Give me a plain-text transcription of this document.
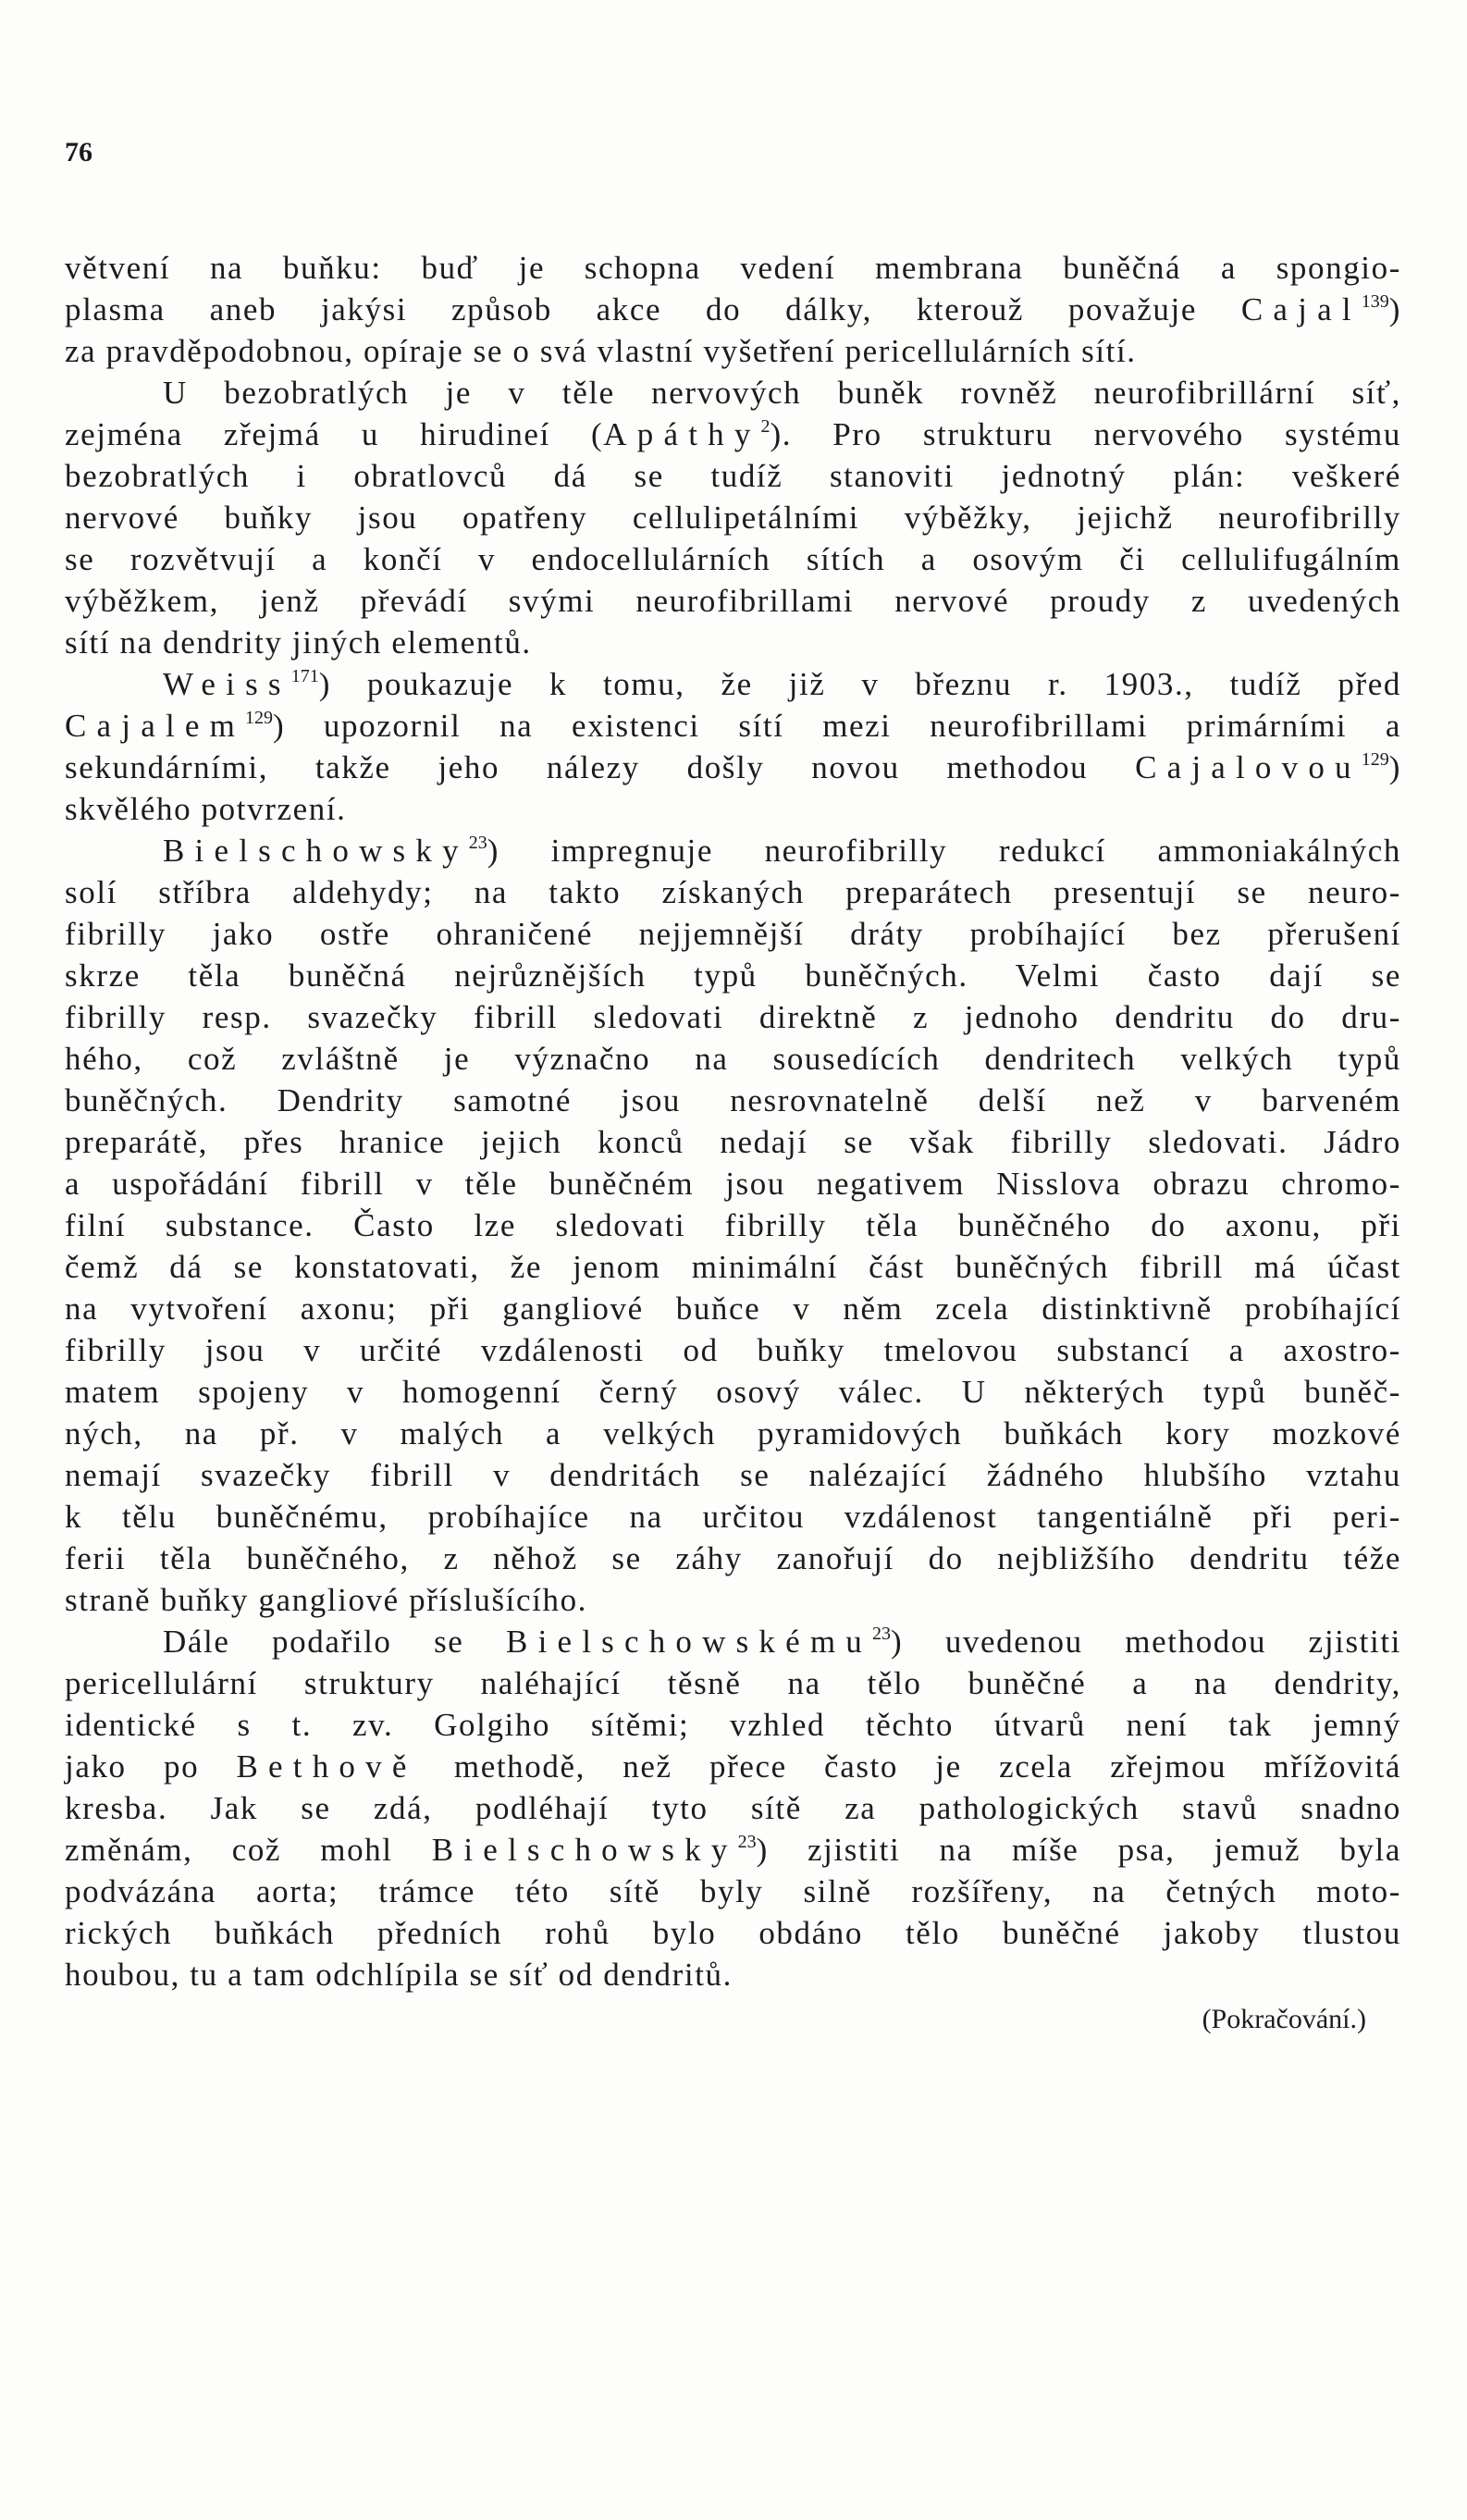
76
větvení na buňku: buď je schopna vedení membrana buněčná a spongio-
plasma aneb jakýsi způsob akce do dálky, kterouž považuje Cajal$^{139}$)
za pravděpodobnou, opíraje se o svá vlastní vyšetření pericellulárních sítí.
U bezobratlých je v těle nervových buněk rovněž neurofibrillární síť,
zejména zřejmá u hirudineí (Apáthy$^2$). Pro strukturu nervového systému
bezobratlých i obratlovců dá se tudíž stanoviti jednotný plán: veškeré
nervové buňky jsou opatřeny cellulipetálními výběžky, jejichž neurofibrilly
se rozvětvují a končí v endocellulárních sítích a osovým či cellulifugálním
výběžkem, jenž převádí svými neurofibrillami nervové proudy z uvedených
sítí na dendrity jiných elementů.
Weiss$^{171}$) poukazuje k tomu, že již v březnu r. 1903., tudíž před
Cajalem$^{129}$) upozornil na existenci sítí mezi neurofibrillami primárními a
sekundárními, takže jeho nálezy došly novou methodou Cajalovou$^{129}$)
skvělého potvrzení.
Bielschowsky$^{23}$) impregnuje neurofibrilly redukcí ammoniakálných
solí stříbra aldehydy; na takto získaných preparátech presentují se neuro-
fibrilly jako ostře ohraničené nejjemnější dráty probíhající bez přerušení
skrze těla buněčná nejrůznějších typů buněčných. Velmi často dají se
fibrilly resp. svazečky fibrill sledovati direktně z jednoho dendritu do dru-
hého, což zvláštně je význačno na sousedících dendritech velkých typů
buněčných. Dendrity samotné jsou nesrovnatelně delší než v barveném
preparátě, přes hranice jejich konců nedají se však fibrilly sledovati. Jádro
a uspořádání fibrill v těle buněčném jsou negativem Nisslova obrazu chromo-
filní substance. Často lze sledovati fibrilly těla buněčného do axonu, při
čemž dá se konstatovati, že jenom minimální část buněčných fibrill má účast
na vytvoření axonu; při gangliové buňce v něm zcela distinktivně probíhající
fibrilly jsou v určité vzdálenosti od buňky tmelovou substancí a axostro-
matem spojeny v homogenní černý osový válec. U některých typů buněč-
ných, na př. v malých a velkých pyramidových buňkách kory mozkové
nemají svazečky fibrill v dendritách se nalézající žádného hlubšího vztahu
k tělu buněčnému, probíhajíce na určitou vzdálenost tangentiálně při peri-
ferii těla buněčného, z něhož se záhy zanořují do nejbližšího dendritu téže
straně buňky gangliové příslušícího.
Dále podařilo se Bielschowskému$^{23}$) uvedenou methodou zjistiti
pericellulární struktury naléhající těsně na tělo buněčné a na dendrity,
identické s t. zv. Golgiho sítěmi; vzhled těchto útvarů není tak jemný
jako po Bethově methodě, než přece často je zcela zřejmou mřížovitá
kresba. Jak se zdá, podléhají tyto sítě za pathologických stavů snadno
změnám, což mohl Bielschowsky$^{23}$) zjistiti na míše psa, jemuž byla
podvázána aorta; trámce této sítě byly silně rozšířeny, na četných moto-
rických buňkách předních rohů bylo obdáno tělo buněčné jakoby tlustou
houbou, tu a tam odchlípila se síť od dendritů.
(Pokračování.)
